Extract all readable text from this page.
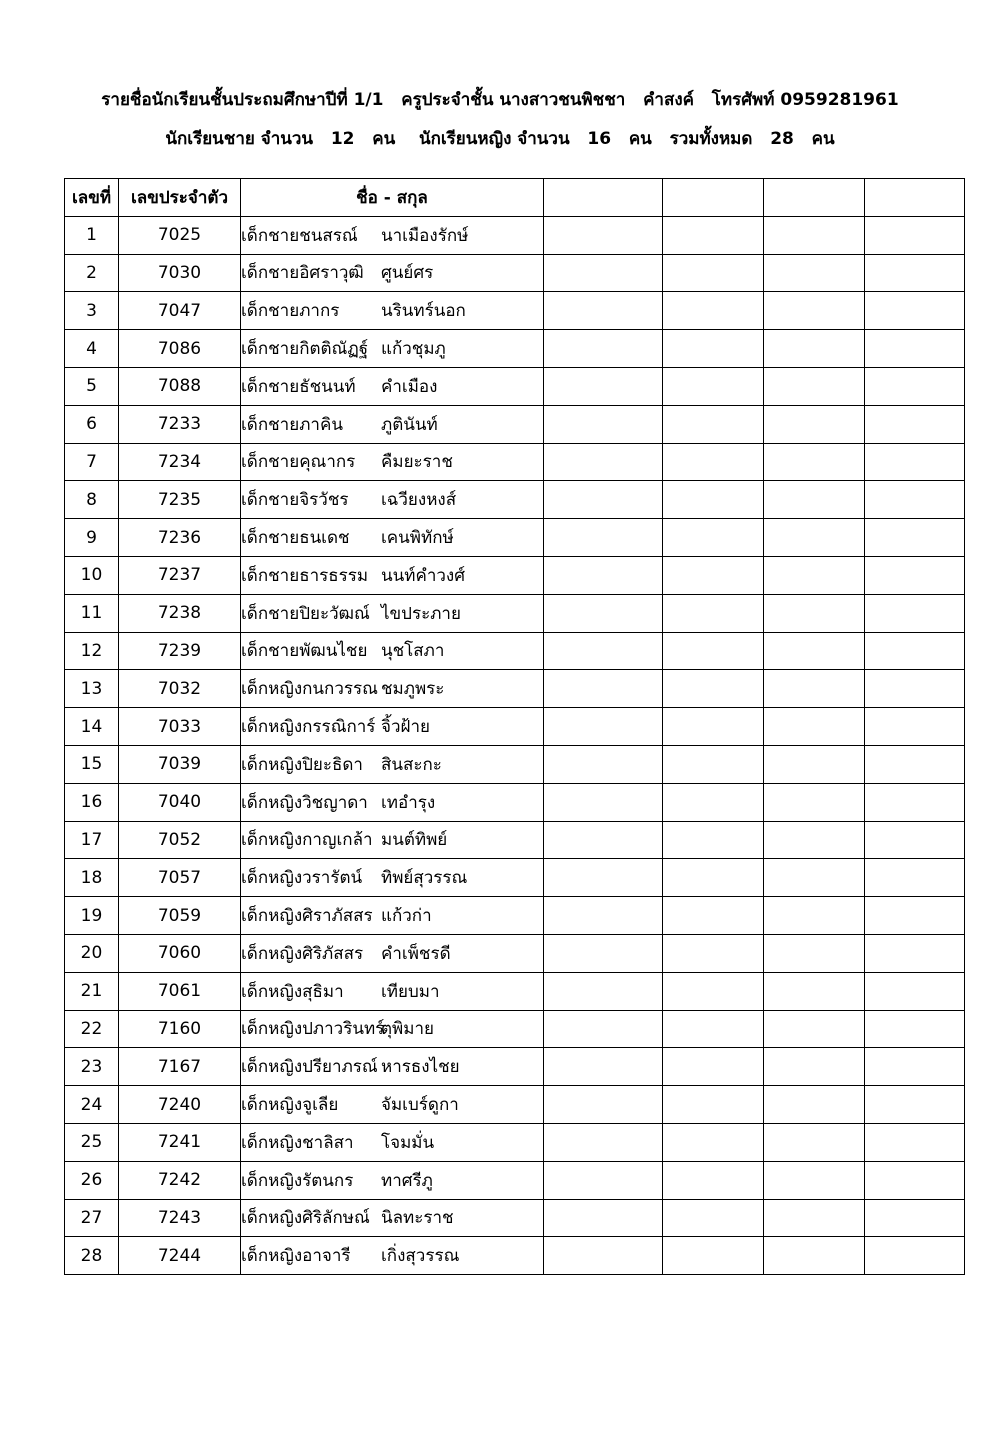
รายชื่อนักเรียนชั้นประถมศึกษาปีที่ 1/1 ครูประจำชั้น นางสาวชนพิชชา คำสงค์ โทรศัพท์ 0959281961
นักเรียนชาย จำนวน 12 คน นักเรียนหญิง จำนวน 16 คน รวมทั้งหมด 28 คน
เลขที่	เลขประจำตัว	ชื่อ - สกุล				
1	7025	เด็กชายชนสรณ์ นาเมืองรักษ์				
2	7030	เด็กชายอิศราวุฒิ ศูนย์ศร				
3	7047	เด็กชายภากร นรินทร์นอก				
4	7086	เด็กชายกิตติณัฏฐ์ แก้วชุมภู				
5	7088	เด็กชายธัชนนท์ คำเมือง				
6	7233	เด็กชายภาคิน ภูตินันท์				
7	7234	เด็กชายคุณากร คืมยะราช				
8	7235	เด็กชายจิรวัชร เฉวียงหงส์				
9	7236	เด็กชายธนเดช เคนพิทักษ์				
10	7237	เด็กชายธารธรรม นนท์คำวงศ์				
11	7238	เด็กชายปิยะวัฒณ์ ไขประภาย				
12	7239	เด็กชายพัฒนไชย นุชโสภา				
13	7032	เด็กหญิงกนกวรรณ ชมภูพระ				
14	7033	เด็กหญิงกรรณิการ์ จิ้วฝ้าย				
15	7039	เด็กหญิงปิยะธิดา สินสะกะ				
16	7040	เด็กหญิงวิชญาดา เทอำรุง				
17	7052	เด็กหญิงกาญเกล้า มนต์ทิพย์				
18	7057	เด็กหญิงวรารัตน์ ทิพย์สุวรรณ				
19	7059	เด็กหญิงศิราภัสสร แก้วก่า				
20	7060	เด็กหญิงศิริภัสสร คำเพ็ชรดี				
21	7061	เด็กหญิงสุธิมา เทียบมา				
22	7160	เด็กหญิงปภาวรินทร์ตุพิมาย				
23	7167	เด็กหญิงปรียาภรณ์ หารธงไชย				
24	7240	เด็กหญิงจูเลีย จัมเบร์ดูกา				
25	7241	เด็กหญิงชาลิสา โจมมั่น				
26	7242	เด็กหญิงรัตนกร ทาศรีภู				
27	7243	เด็กหญิงศิริลักษณ์ นิลทะราช				
28	7244	เด็กหญิงอาจารี เกิ่งสุวรรณ				
